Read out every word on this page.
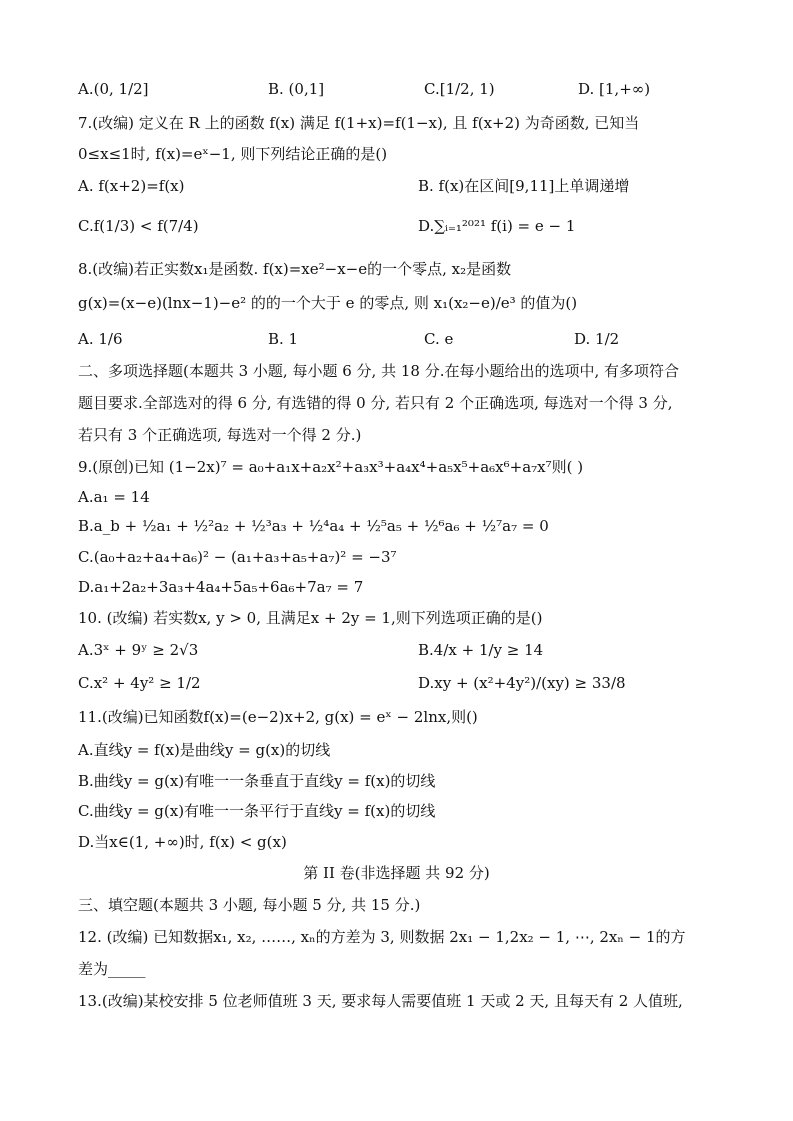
A.(0, 1/2]	B. (0,1]	C.[1/2, 1)	D. [1,+∞)
7.(改编) 定义在 R 上的函数 f(x) 满足 f(1+x)=f(1−x), 且 f(x+2) 为奇函数, 已知当
0≤x≤1时, f(x)=eˣ−1, 则下列结论正确的是()
A. f(x+2)=f(x)	B. f(x)在区间[9,11]上单调递增
C.f(1/3) < f(7/4)	D.∑ᵢ₌₁²⁰²¹ f(i) = e − 1
8.(改编)若正实数x₁是函数. f(x)=xe²−x−e的一个零点, x₂是函数
g(x)=(x−e)(lnx−1)−e² 的的一个大于 e 的零点, 则 x₁(x₂−e)/e³ 的值为()
A. 1/6	B. 1	C. e	D. 1/2
二、多项选择题(本题共 3 小题, 每小题 6 分, 共 18 分.在每小题给出的选项中, 有多项符合
题目要求.全部选对的得 6 分, 有选错的得 0 分, 若只有 2 个正确选项, 每选对一个得 3 分,
若只有 3 个正确选项, 每选对一个得 2 分.)
9.(原创)已知 (1−2x)⁷ = a₀+a₁x+a₂x²+a₃x³+a₄x⁴+a₅x⁵+a₆x⁶+a₇x⁷则( )
A.a₁ = 14
B.a_b + ½a₁ + ½²a₂ + ½³a₃ + ½⁴a₄ + ½⁵a₅ + ½⁶a₆ + ½⁷a₇ = 0
C.(a₀+a₂+a₄+a₆)² − (a₁+a₃+a₅+a₇)² = −3⁷
D.a₁+2a₂+3a₃+4a₄+5a₅+6a₆+7a₇ = 7
10. (改编) 若实数x, y > 0, 且满足x + 2y = 1,则下列选项正确的是()
A.3ˣ + 9ʸ ≥ 2√3	B.4/x + 1/y ≥ 14
C.x² + 4y² ≥ 1/2	D.xy + (x²+4y²)/(xy) ≥ 33/8
11.(改编)已知函数f(x)=(e−2)x+2, g(x) = eˣ − 2lnx,则()
A.直线y = f(x)是曲线y = g(x)的切线
B.曲线y = g(x)有唯一一条垂直于直线y = f(x)的切线
C.曲线y = g(x)有唯一一条平行于直线y = f(x)的切线
D.当x∈(1, +∞)时, f(x) < g(x)
第 II 卷(非选择题 共 92 分)
三、填空题(本题共 3 小题, 每小题 5 分, 共 15 分.)
12. (改编) 已知数据x₁, x₂, ……, xₙ的方差为 3, 则数据 2x₁ − 1,2x₂ − 1, ⋯, 2xₙ − 1的方
差为_____
13.(改编)某校安排 5 位老师值班 3 天, 要求每人需要值班 1 天或 2 天, 且每天有 2 人值班,
